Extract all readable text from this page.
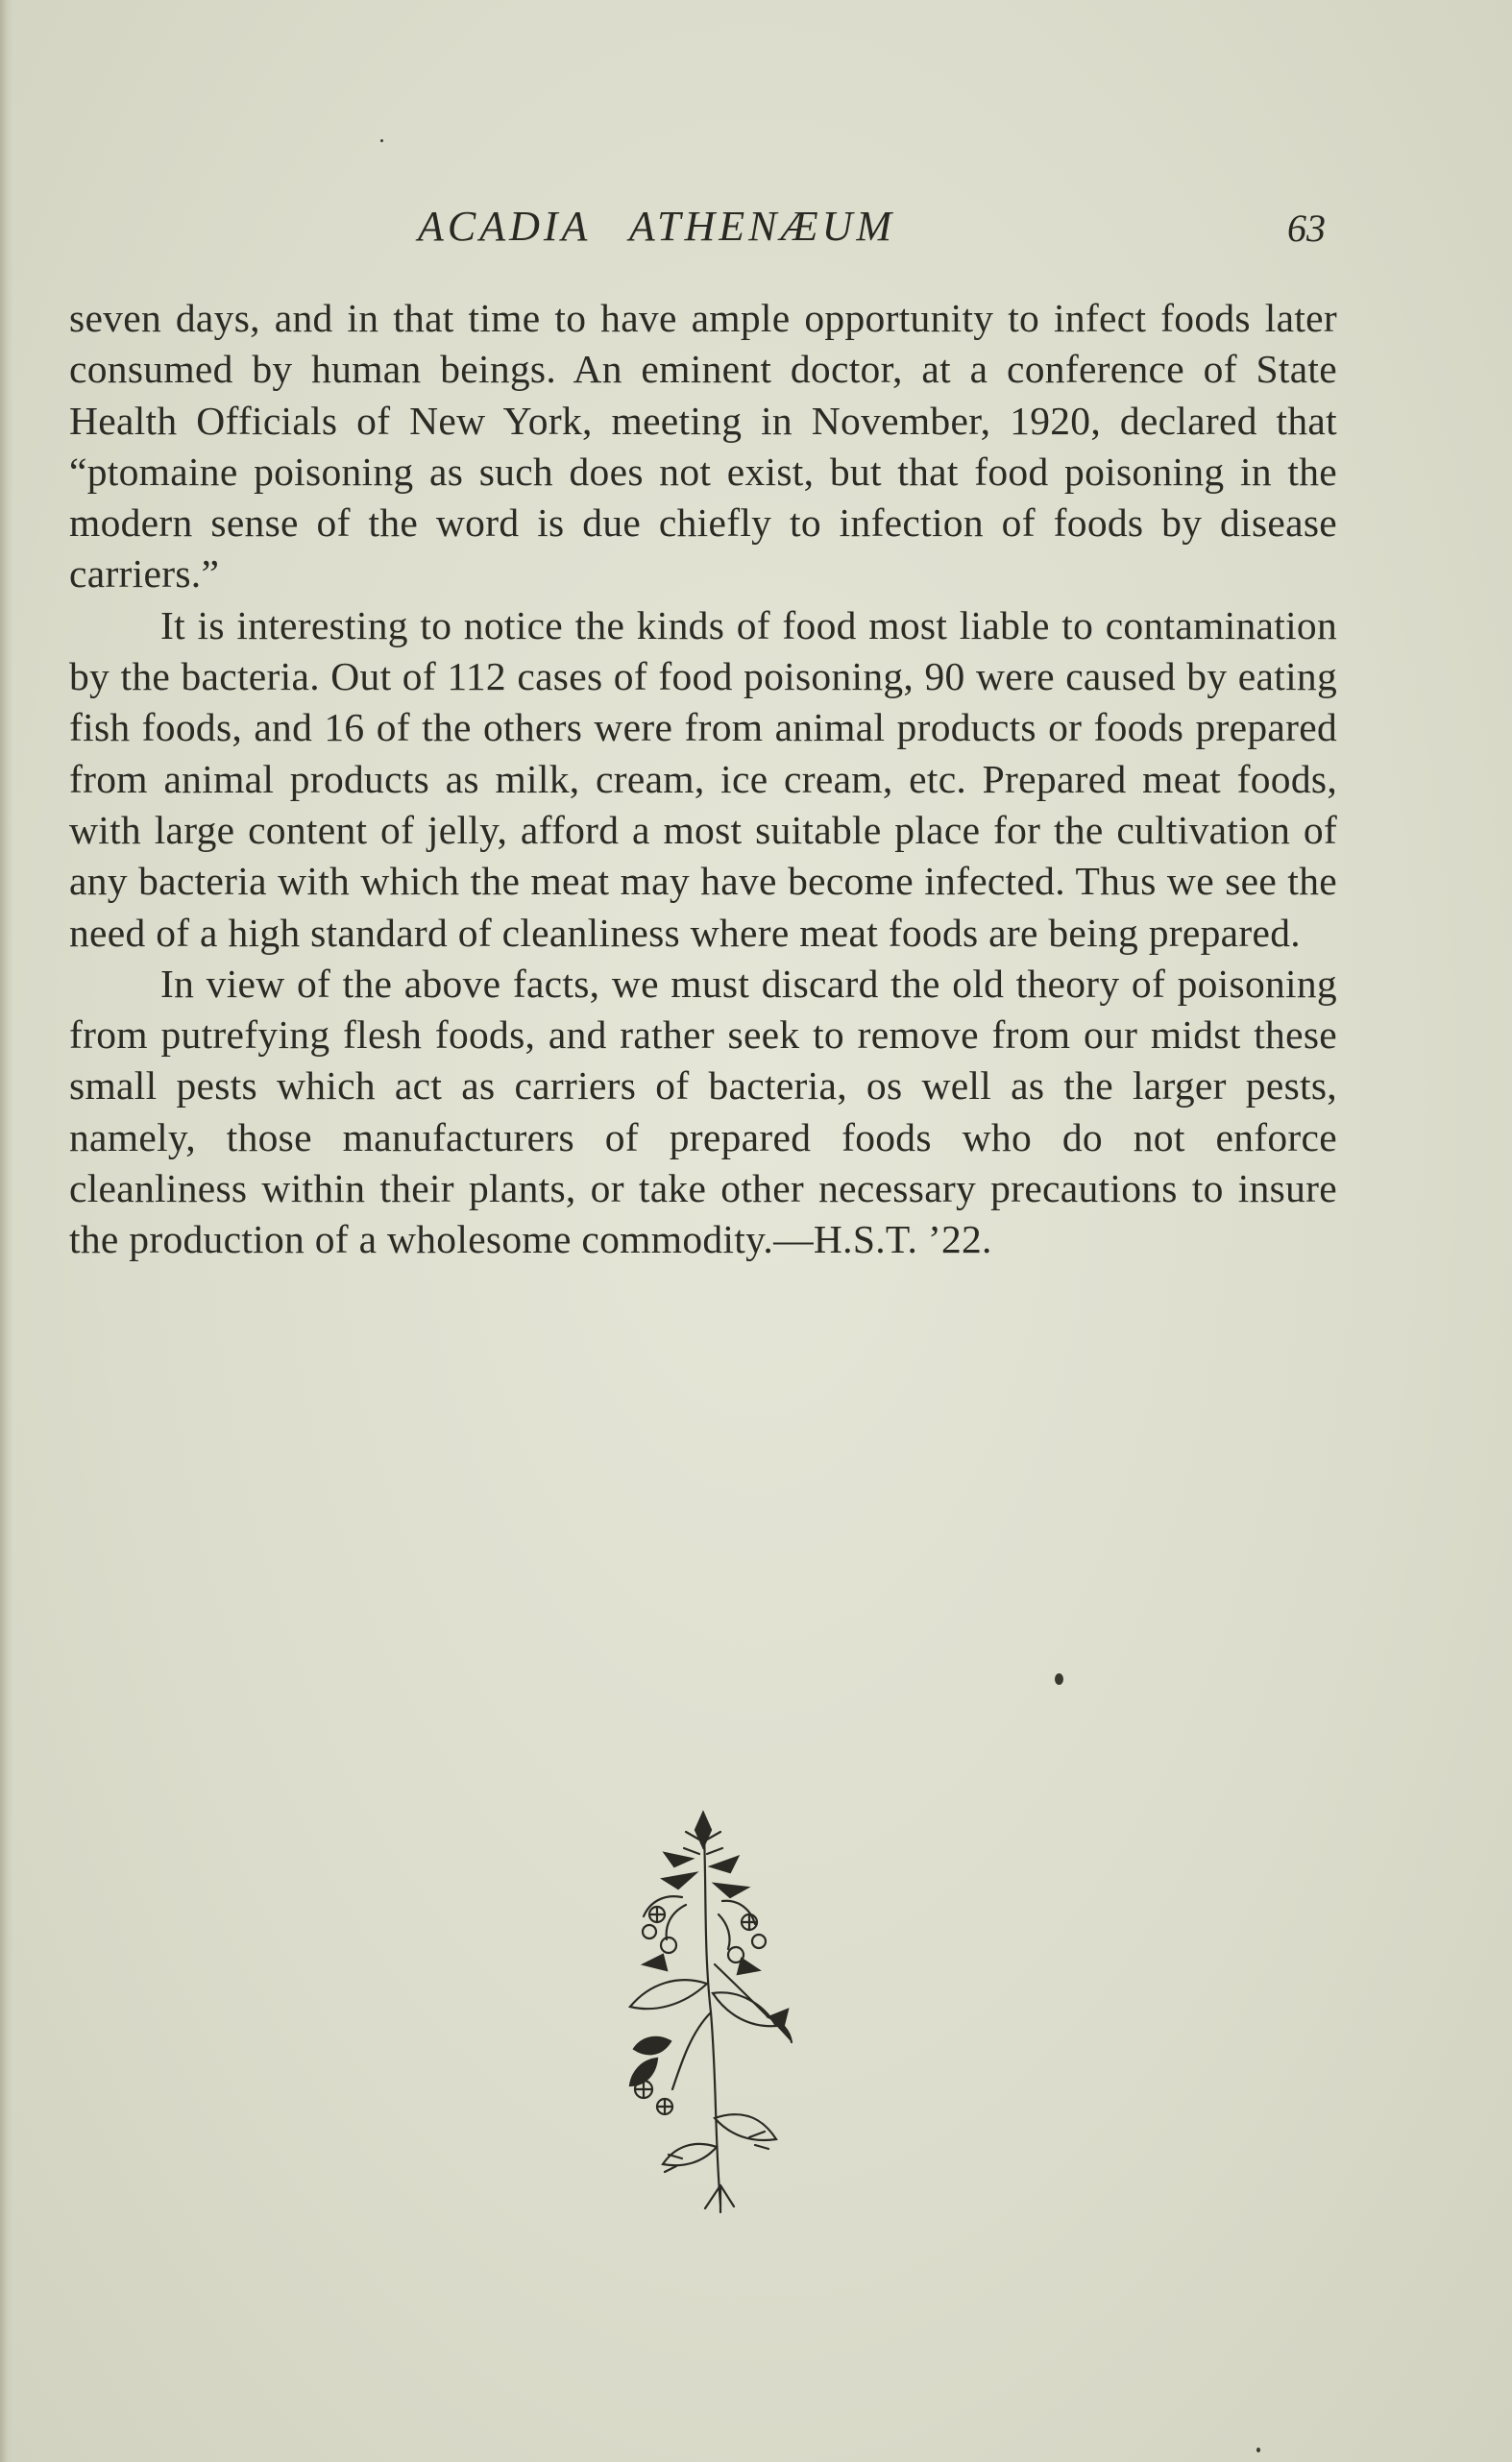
ACADIA ATHENÆUM	63

seven days, and in that time to have ample opportunity to infect foods later consumed by human beings. An eminent doctor, at a conference of State Health Officials of New York, meeting in November, 1920, declared that “ptomaine poisoning as such does not exist, but that food poisoning in the modern sense of the word is due chiefly to infection of foods by disease carriers.”

It is interesting to notice the kinds of food most liable to contamination by the bacteria. Out of 112 cases of food poisoning, 90 were caused by eating fish foods, and 16 of the others were from animal products or foods prepared from animal products as milk, cream, ice cream, etc. Prepared meat foods, with large content of jelly, afford a most suitable place for the cultivation of any bacteria with which the meat may have become infected. Thus we see the need of a high standard of cleanliness where meat foods are being prepared.

In view of the above facts, we must discard the old theory of poisoning from putrefying flesh foods, and rather seek to remove from our midst these small pests which act as carriers of bacteria, os well as the larger pests, namely, those manufacturers of prepared foods who do not enforce cleanliness within their plants, or take other necessary precautions to insure the production of a wholesome commodity.—H.S.T. ’22.
